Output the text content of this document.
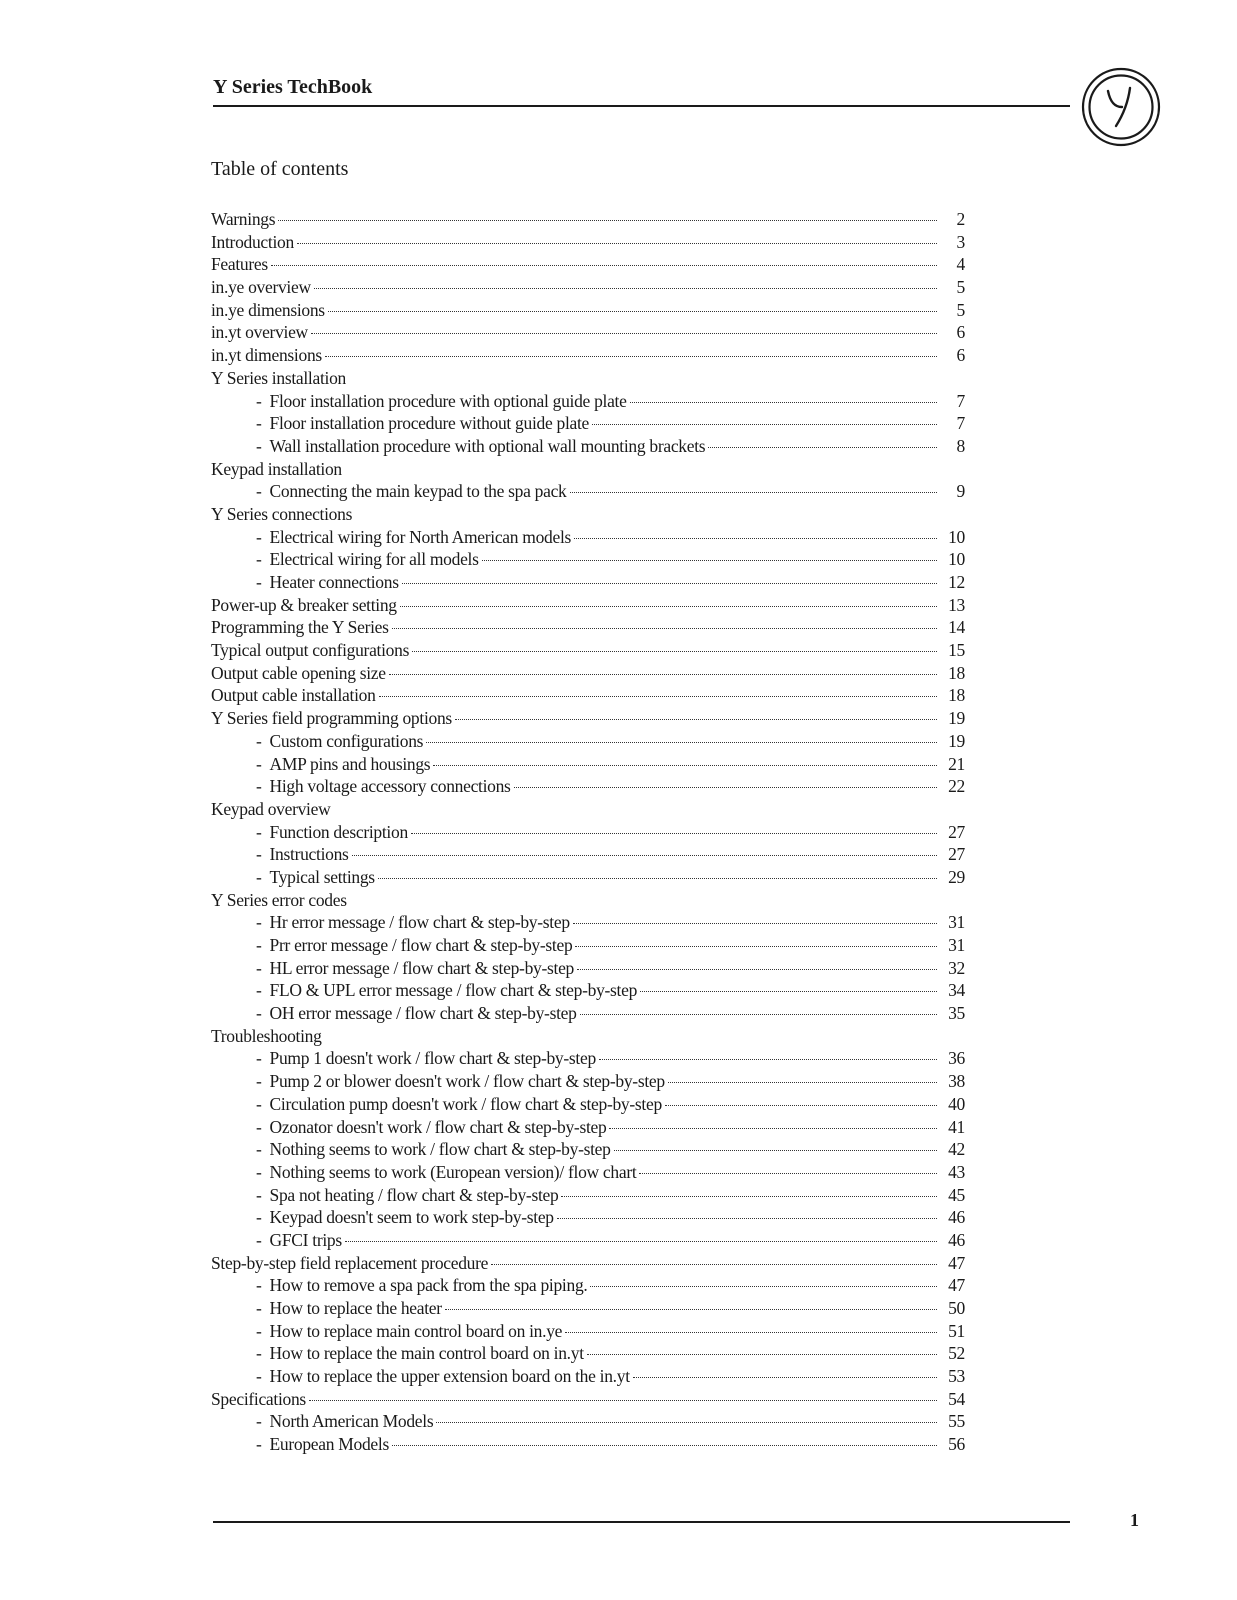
Y Series TechBook
Table of contents
Warnings	2
Introduction	3
Features	4
in.ye overview	5
in.ye dimensions	5
in.yt overview	6
in.yt dimensions	6
Y Series installation
- Floor installation procedure with optional guide plate	7
- Floor installation procedure without guide plate	7
- Wall installation procedure with optional wall mounting brackets	8
Keypad installation
- Connecting the main keypad to the spa pack	9
Y Series connections
- Electrical wiring for North American models	10
- Electrical wiring for all models	10
- Heater connections	12
Power-up & breaker setting	13
Programming the Y Series	14
Typical output configurations	15
Output cable opening size	18
Output cable installation	18
Y Series field programming options	19
- Custom configurations	19
- AMP pins and housings	21
- High voltage accessory connections	22
Keypad overview
- Function description	27
- Instructions	27
- Typical settings	29
Y Series error codes
- Hr error message / flow chart & step-by-step	31
- Prr error message / flow chart & step-by-step	31
- HL error message / flow chart & step-by-step	32
- FLO & UPL error message / flow chart & step-by-step	34
- OH error message / flow chart & step-by-step	35
Troubleshooting
- Pump 1 doesn't work / flow chart & step-by-step	36
- Pump 2 or blower doesn't work / flow chart & step-by-step	38
- Circulation pump doesn't work / flow chart & step-by-step	40
- Ozonator doesn't work / flow chart & step-by-step	41
- Nothing seems to work / flow chart & step-by-step	42
- Nothing seems to work (European version)/ flow chart	43
- Spa not heating / flow chart & step-by-step	45
- Keypad doesn't seem to work step-by-step	46
- GFCI trips	46
Step-by-step field replacement procedure	47
- How to remove a spa pack from the spa piping.	47
- How to replace the heater	50
- How to replace main control board on in.ye	51
- How to replace the main control board on in.yt	52
- How to replace the upper extension board on the in.yt	53
Specifications	54
- North American Models	55
- European Models	56
1
